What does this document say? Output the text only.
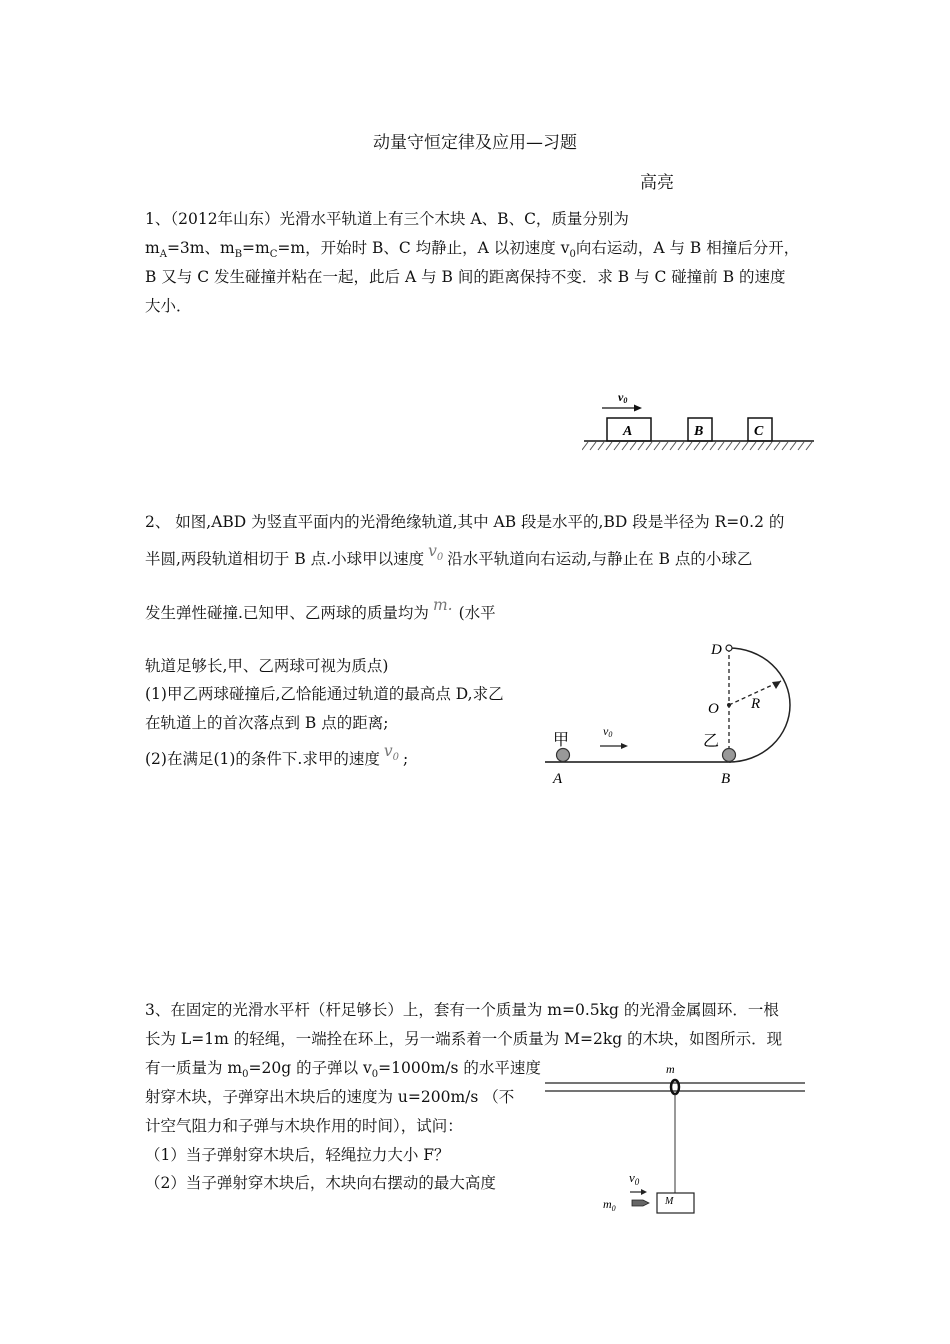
动量守恒定律及应用—习题
高亮
1、（2012年山东）光滑水平轨道上有三个木块 A、B、C，质量分别为
$m_A=3m$、$m_B=m_C=m$，开始时 B、C 均静止，A 以初速度 $v_0$向右运动，A 与 B 相撞后分开，
B 又与 C 发生碰撞并粘在一起，此后 A 与 B 间的距离保持不变．求 B 与 C 碰撞前 B 的速度
大小．
v0
A	B	C
2、 如图,ABD 为竖直平面内的光滑绝缘轨道,其中 AB 段是水平的,BD 段是半径为 R=0.2 的
半圆,两段轨道相切于 B 点.小球甲以速度 $v_0$ 沿水平轨道向右运动,与静止在 B 点的小球乙
发生弹性碰撞.已知甲、乙两球的质量均为 m. (水平
轨道足够长,甲、乙两球可视为质点)
(1)甲乙两球碰撞后,乙恰能通过轨道的最高点 D,求乙
在轨道上的首次落点到 B 点的距离;
(2)在满足(1)的条件下.求甲的速度 $v_0$ ;
v0
D
O R
甲	乙
A	B
3、在固定的光滑水平杆（杆足够长）上，套有一个质量为 m=0.5kg 的光滑金属圆环．一根
长为 L=1m 的轻绳，一端拴在环上，另一端系着一个质量为 M=2kg 的木块，如图所示．现
有一质量为 $m_0=20g$ 的子弹以 $v_0=1000m/s$ 的水平速度
射穿木块，子弹穿出木块后的速度为 u=200m/s （不
计空气阻力和子弹与木块作用的时间），试问：
（1）当子弹射穿木块后，轻绳拉力大小 F？
（2）当子弹射穿木块后，木块向右摆动的最大高度
M
m
$v_0$
$m_0$
